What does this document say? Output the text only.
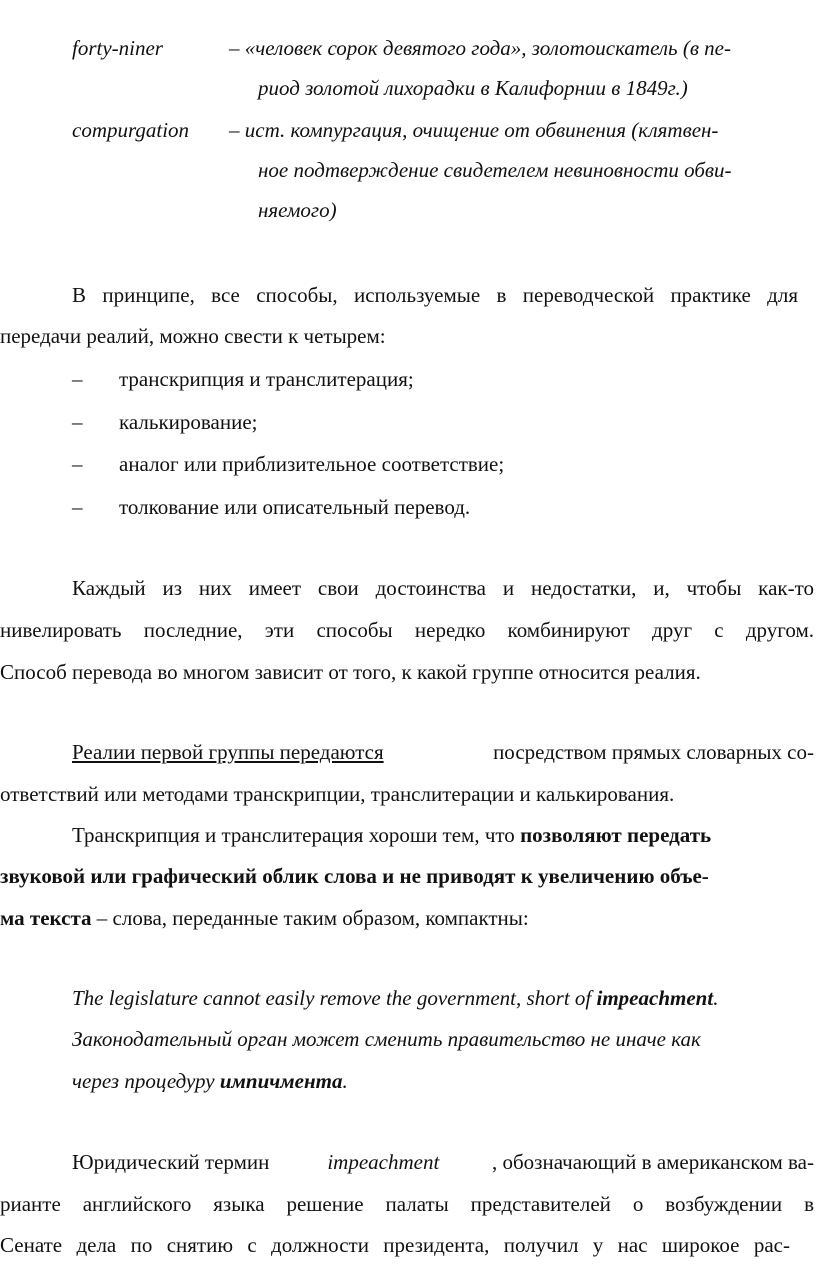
forty-niner	– «человек сорок девятого года», золотоискатель (в пе-
риод золотой лихорадки в Калифорнии в 1849г.)
compurgation – ист. компургация, очищение от обвинения (клятвен-
ное подтверждение свидетелем невиновности обви-
няемого)
В принципе, все способы, используемые в переводческой практике для
передачи реалий, можно свести к четырем:
– транскрипция и транслитерация;
– калькирование;
– аналог или приблизительное соответствие;
– толкование или описательный перевод.
Каждый из них имеет свои достоинства и недостатки, и, чтобы как-то
нивелировать последние, эти способы нередко комбинируют друг с другом.
Способ перевода во многом зависит от того, к какой группе относится реалия.
Реалии первой группы передаются	посредством прямых словарных со-
ответствий или методами транскрипции, транслитерации и калькирования.
Транскрипция и транслитерация хороши тем, что позволяют передать
звуковой или графический облик слова и не приводят к увеличению объе-
ма текста – слова, переданные таким образом, компактны:
The legislature cannot easily remove the government, short of impeachment.
Законодательный орган может сменить правительство не иначе как
через процедуру импичмента.
Юридический термин	impeachment	, обозначающий в американском ва-
рианте английского языка решение палаты представителей о возбуждении в
Сенате дела по снятию с должности президента, получил у нас широкое рас-
